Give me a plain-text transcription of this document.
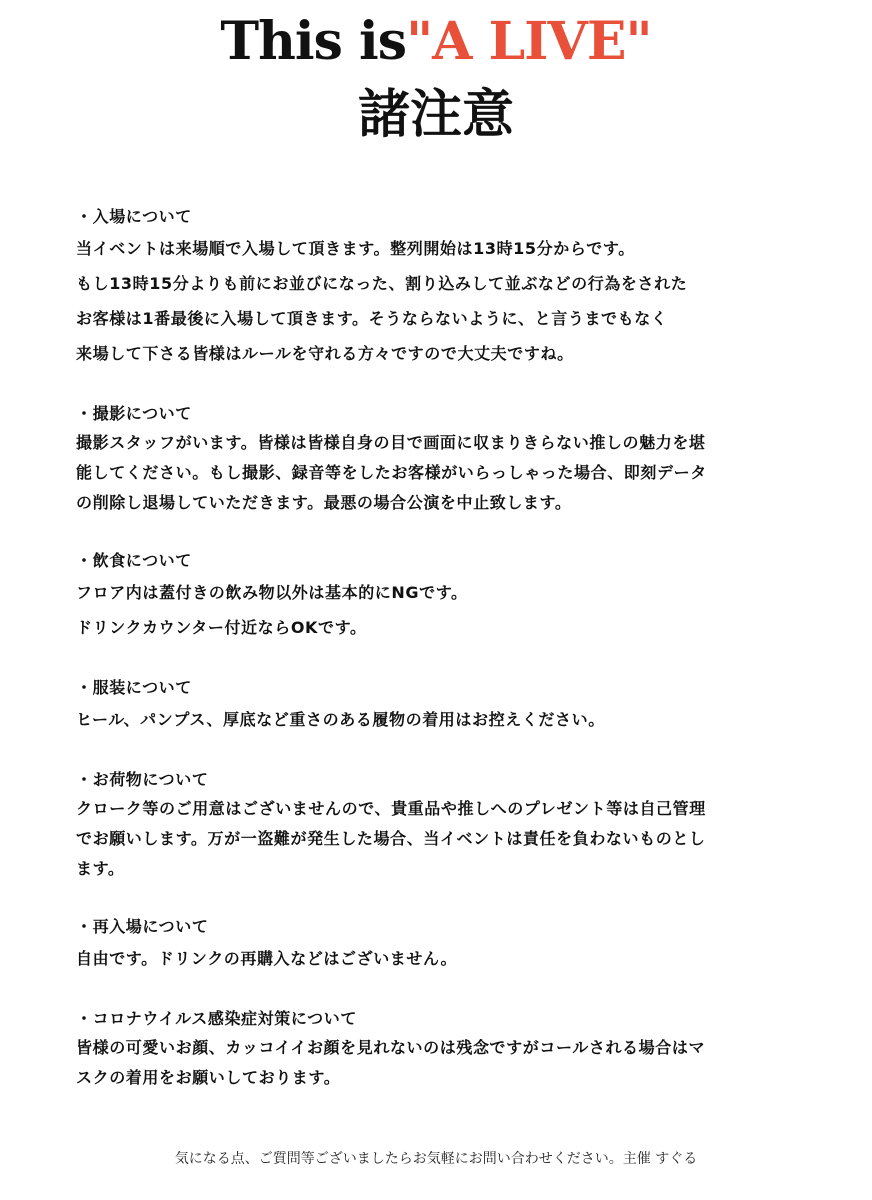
This is"A LIVE"
諸注意

・入場について

当イベントは来場順で入場して頂きます。整列開始は13時15分からです。

もし13時15分よりも前にお並びになった、割り込みして並ぶなどの行為をされた

お客様は1番最後に入場して頂きます。そうならないように、と言うまでもなく

来場して下さる皆様はルールを守れる方々ですので大丈夫ですね。

・撮影について

撮影スタッフがいます。皆様は皆様自身の目で画面に収まりきらない推しの魅力を堪

能してください。もし撮影、録音等をしたお客様がいらっしゃった場合、即刻データ

の削除し退場していただきます。最悪の場合公演を中止致します。

・飲食について

フロア内は蓋付きの飲み物以外は基本的にNGです。

ドリンクカウンター付近ならOKです。

・服装について

ヒール、パンプス、厚底など重さのある履物の着用はお控えください。

・お荷物について

クローク等のご用意はございませんので、貴重品や推しへのプレゼント等は自己管理

でお願いします。万が一盗難が発生した場合、当イベントは責任を負わないものとし

ます。

・再入場について

自由です。ドリンクの再購入などはございません。

・コロナウイルス感染症対策について

皆様の可愛いお顔、カッコイイお顔を見れないのは残念ですがコールされる場合はマ

スクの着用をお願いしております。

気になる点、ご質問等ございましたらお気軽にお問い合わせください。主催 すぐる
